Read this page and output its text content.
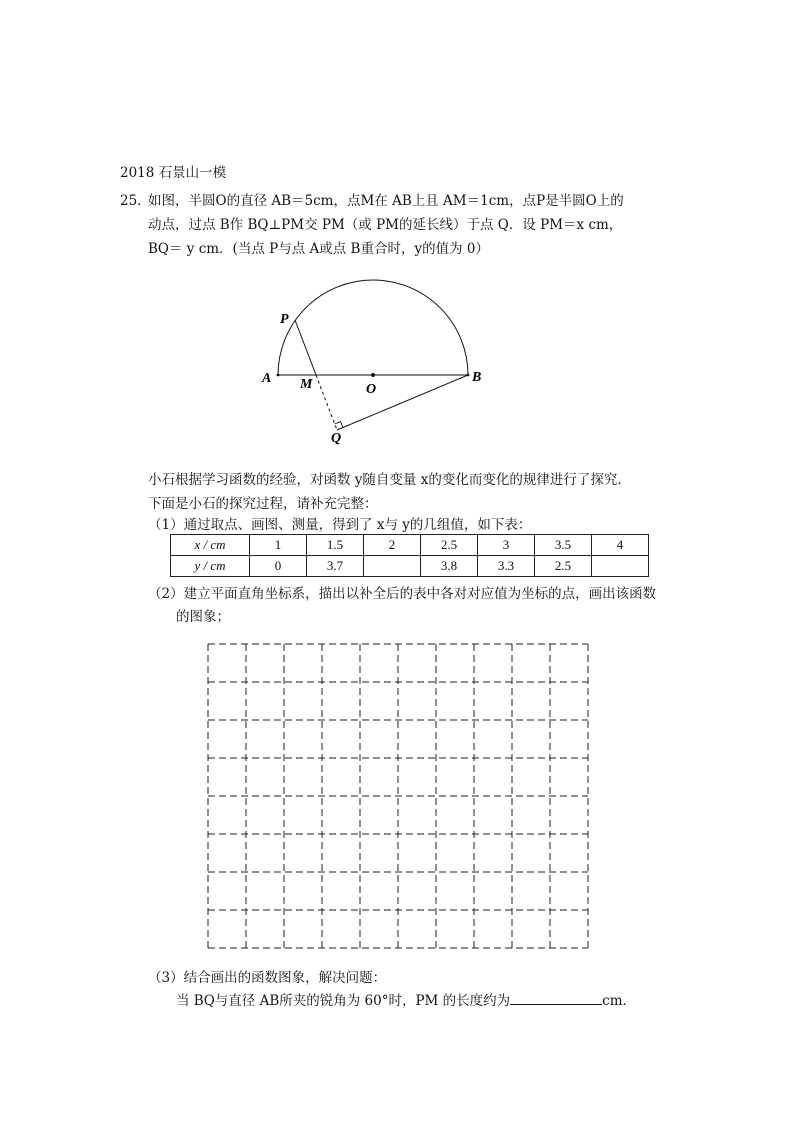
2018 石景山一模
25．
如图，半圆O的直径 AB＝5cm，点M在 AB上且 AM＝1cm，点P是半圆O上的
动点，过点 B作 BQ⊥PM交 PM（或 PM的延长线）于点 Q．设 PM＝x cm，
BQ＝ y cm．(当点 P与点 A或点 B重合时，y的值为 0）
P
A M	O
B
Q
小石根据学习函数的经验，对函数 y随自变量 x的变化而变化的规律进行了探究.
下面是小石的探究过程，请补充完整：
（1）通过取点、画图、测量，得到了 x与 y的几组值，如下表：
x / cm	1	1.5	2	2.5	3	3.5	4
y / cm	0	3.7		3.8	3.3	2.5	
（2）建立平面直角坐标系，描出以补全后的表中各对对应值为坐标的点，画出该函数
的图象；
（3）结合画出的函数图象，解决问题：
当 BQ与直径 AB所夹的锐角为 60°时，PM 的长度约为	cm．
